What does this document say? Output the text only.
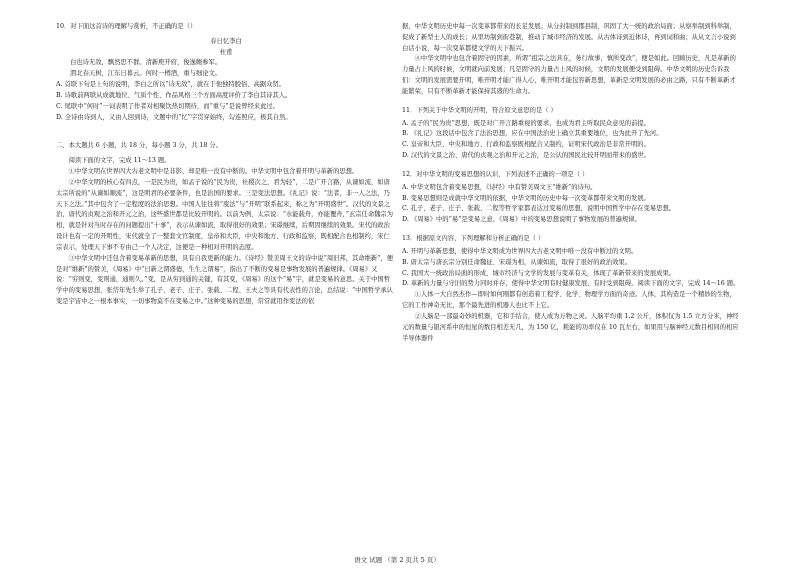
10．对下面这首诗的理解与赏析，不正确的是（）

春日忆李白

杜甫

白也诗无敌，飘然思不群。清新庾开府，俊逸鲍参军。

渭北春天树，江东日暮云。何时一樽酒，重与细论文。

A. 首联下句是上句的说明，李白之所以“诗无敌”，就在于他独特脱俗、高踞众贤。

B. 诗歌前两联从成就地位、气质个性、作品风格三个方面高度评价了李白其诗其人。

C. 尾联中“何时”一词表明了作者对相聚饮热切期待，而“重与”是说曾经来此过。

D. 全诗由诗到人，又由人回到诗，文题中的“忆”字贯穿始终，勾连照应，极其自然。

二、本大题共 6 小题，共 18 分，每小题 3 分，共 18 分。

阅读下面的文字，完成 11～13 题。

①中华文明在世界四大古老文明中是非影，却是唯一没有中断的。中华文明中包含着开明与革新的思想。

②中华文明的核心有四点，一是民为贵，如孟子说的“民为贵，社稷次之，君为轻”，二是广开言路，从谏如流，如唐太宗所说的“从谏如顺流”，这是明君的必要条件，也是治国的要求。三是变法思想。《礼记》说：“法者，非一人之法，乃天下之法。”其中包含了一定程度的法治思想。中国人往往将“废法”与“开明”联系起来，称之为“开明盛世”。汉代的文景之治，唐代的贞观之治和开元之治，这些盛世都是比较开明的。以前为例，太宗说：“水能载舟，亦能覆舟，”玄宗任命魏宗为相，就是针对当时存在的问题提出“十事”，表示从谏如流，取得很好的效果；宋璟继续，后期因继续的效果。宋代的政治设计也有一定的开明性，宋代就全了一整套文官制度，皇帝和大臣，中央和地方、行政和监察，既相配合也相制约，宋仁宗表示，处理天下事不专由己一个人决定，这便是一种相对开明的态度。

③中华文明中还包含着变易革新的思想，具有自我更新的能力。《诗经》赞美周王文的诗中说“周旧邦，其命维新”，便是对“维新”的赞美，《周易》中“日新之谓盛德，生生之谓易”，指出了不断的变易是事物发展的普遍规律。《周易》又说：“穷则变，变则通，通则久。”变，是从穷到通的关键，有其变，《周易》的这个“易”字，就是变易的意思。关于中国哲学中的变易思想，张岱年先生举了孔子、老子、庄子、张载、二程、王夫之等具有代表性的言论，总结说：“中国哲学承认变是宇宙中之一根本事实，一切事物莫不在变易之中。”这种变易的思想，常常就用作变法的依

据，中华文明历史中每一次变革都带来的长足发展。从分封制到郡县制，巩固了大一统的政治局面；从察举制到科举制，促成了新型士人的成长；从里坊制到街巷制，推动了城市经济的发展。从古体诗到近体诗，再到词和曲；从从文言小说到白话小说，每一次变革都使文学的天下振兴。

④中华文明中也包含着固守的因素，所谓“祖宗之法具在，务行故事，慎所变改”，便是如此。回顾历史，凡是革新的力量占上风的时候，文明就向前发展；凡是固守的力量占上风的时候，文明的发展便受到阻碍。中华文明的历史告诉我们：文明的发展需要开明，唯开明才能广得人心，唯开明才能包容新思想，革新是文明发展的必由之路，只有不断革新才能繁荣，只有不断革新才能保持其盛的生命力。

11．下列关于中华文明的开明，符合原文意思的是（ ）

A. 孟子的“民为贵”思想，既是对广开言路重视的要求，也成为君主听取民众意见的前提。

B. 《礼记》这段话中包含了法治思想，应在中国法治史上确立其重要地位，也为此开了先河。

C. 皇帝和大臣、中央和地方、行政和监察既相配合又制约，证明宋代政治是非常开明的。

D. 汉代的文景之治、唐代的贞观之治和开元之治，是公认的国民比较开明而带来的盛世。

12．对中华文明的变易思想的认识，下列表述不正确的一项是（ ）

A. 中华文明包含着变易思想，《诗经》中有赞美周文王“维新”的诗句。

B. 变易思想则是成就中华文明的依据，中华文明的历史中每一次变革都带来文明的发展。

C. 孔子、老子、庄子、张载、二程等哲学家都表达过变易的思想，说明中国哲学中存在变易思想。

D. 《周易》中的“易”是变易之意，《周易》中的变易思想说明了事物发展的普遍规律。

13．根据原文内容，下列理解和分析正确的是（ ）

A. 开明与革新思想，使得中华文明成为世界四大古老文明中唯一没有中断过的文明。

B. 唐太宗与唐玄宗分别任命魏征、宋璟为相，从谏如流，取得了很好的政治效果。

C. 我国大一统政治局面的形成，城市经济与文学的发展与变革有关，体现了革新带来的发展成果。

D. 革新的力量与守旧的势力同时并存，使得中华文明有时健康发展，有时受到阻碍。阅读下面的文字，完成 14～16 题。

①人体一大自然杰作—即时如何刚都有创造着工程学、化学、物理学方面的奇迹。人体，其构造是一个精妙的生物，它的工作神奇无比，那个最先进的机器人也比不上它。

②人脑是一部最奇妙的机器，它和手结合，使人成为万物之灵。人脑平均重 1.2 公斤，体积仅为 1.5 立方分米，神经元的数量与银河系中的恒星的数目相差无几，为 150 亿，耗能的功率仅在 10 瓦左右，如果用与脑神经元数目相同的相应半导体器件

语文 试题 （第 2 页共 5 页）
